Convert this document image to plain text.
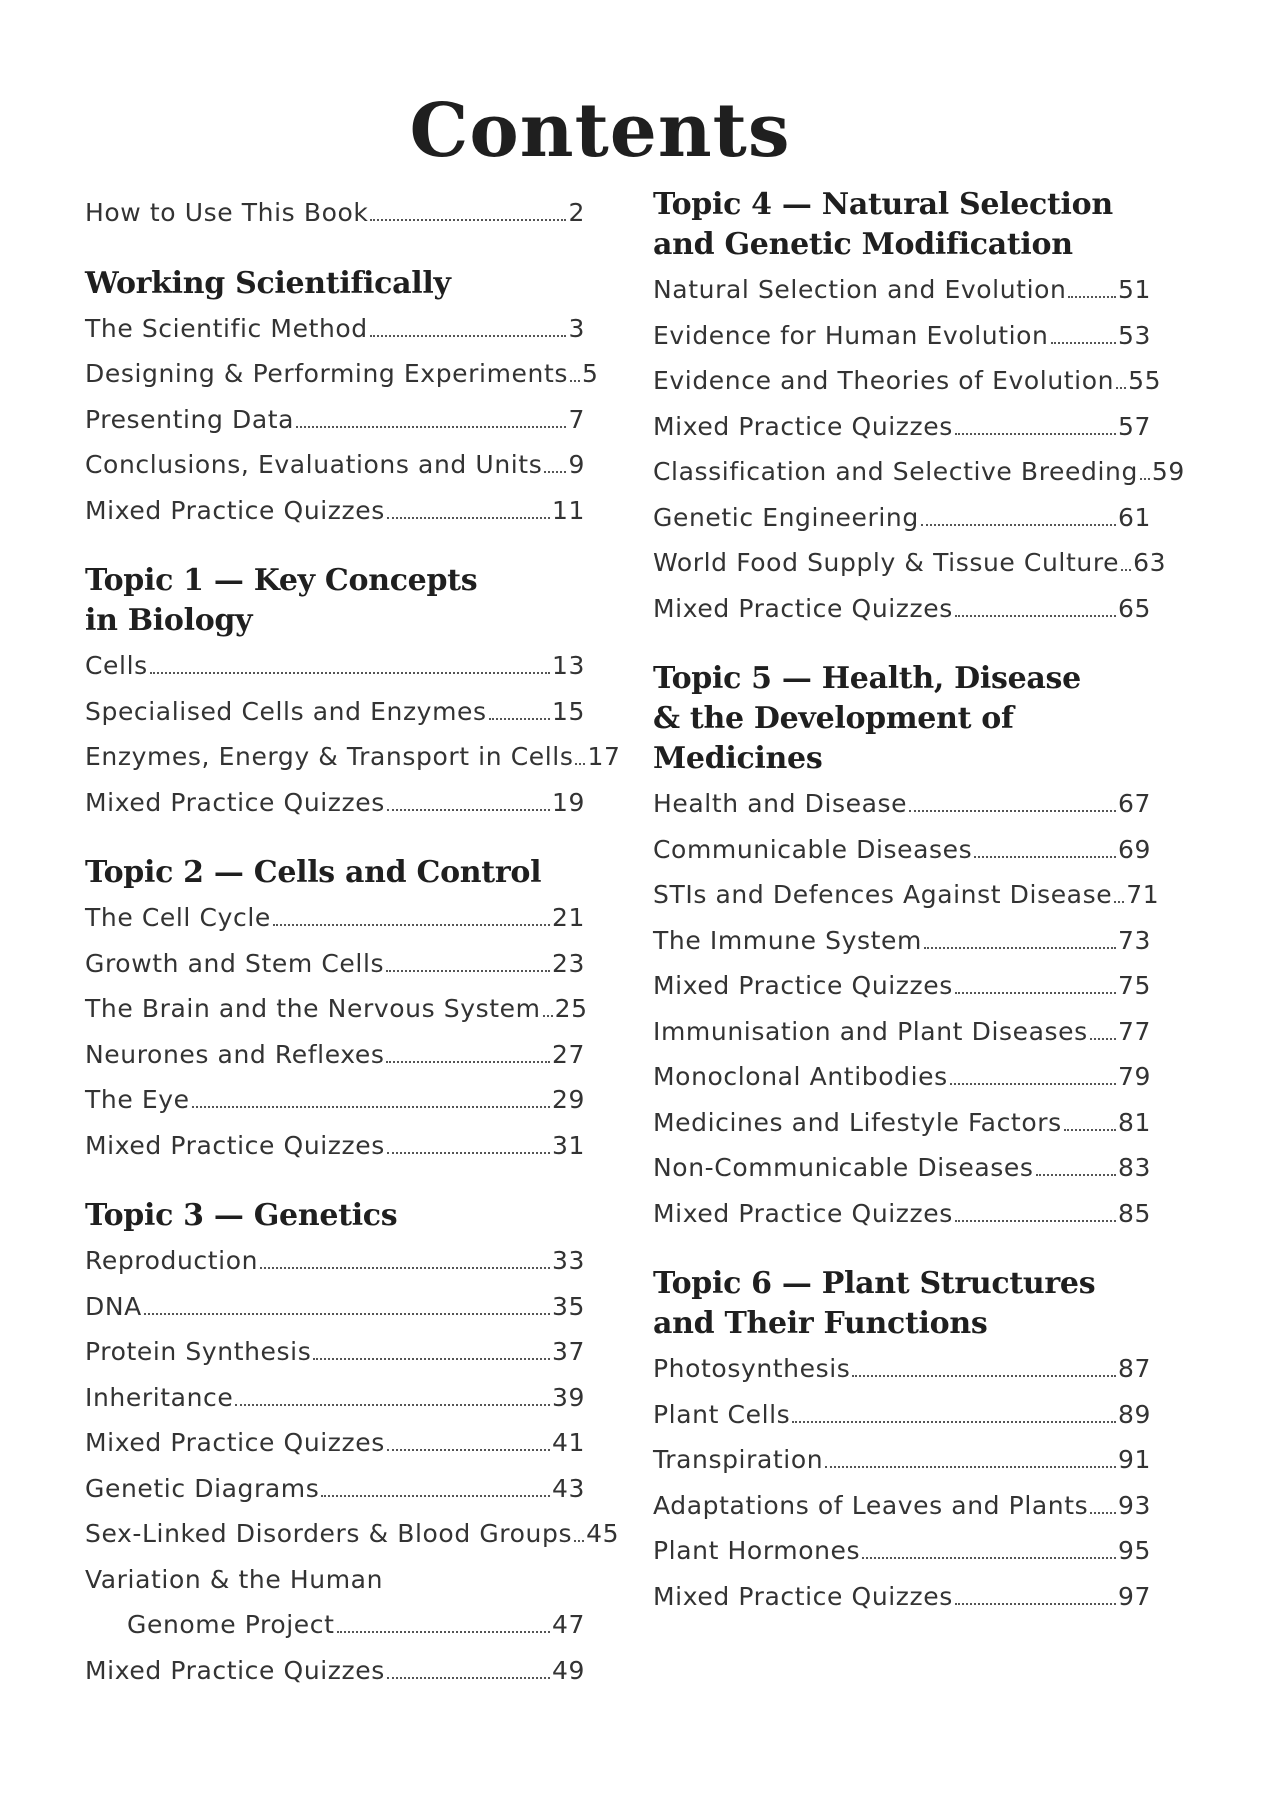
Contents
How to Use This Book	2
Working Scientifically
The Scientific Method	3
Designing & Performing Experiments 5
Presenting Data	7
Conclusions, Evaluations and Units 9
Mixed Practice Quizzes	11
Topic 1 — Key Concepts
in Biology
Cells	13
Specialised Cells and Enzymes	15
Enzymes, Energy & Transport in Cells 17
Mixed Practice Quizzes	19
Topic 2 — Cells and Control
The Cell Cycle	21
Growth and Stem Cells	23
The Brain and the Nervous System 25
Neurones and Reflexes	27
The Eye	29
Mixed Practice Quizzes	31
Topic 3 — Genetics
Reproduction	33
DNA	35
Protein Synthesis	37
Inheritance	39
Mixed Practice Quizzes	41
Genetic Diagrams	43
Sex-Linked Disorders & Blood Groups 45
Variation & the Human
Genome Project	47
Mixed Practice Quizzes	49
Topic 4 — Natural Selection
and Genetic Modification
Natural Selection and Evolution 51
Evidence for Human Evolution	53
Evidence and Theories of Evolution 55
Mixed Practice Quizzes	57
Classification and Selective Breeding 59
Genetic Engineering	61
World Food Supply & Tissue Culture 63
Mixed Practice Quizzes	65
Topic 5 — Health, Disease
& the Development of
Medicines
Health and Disease	67
Communicable Diseases	69
STIs and Defences Against Disease 71
The Immune System	73
Mixed Practice Quizzes	75
Immunisation and Plant Diseases 77
Monoclonal Antibodies	79
Medicines and Lifestyle Factors 81
Non-Communicable Diseases	83
Mixed Practice Quizzes	85
Topic 6 — Plant Structures
and Their Functions
Photosynthesis	87
Plant Cells	89
Transpiration	91
Adaptations of Leaves and Plants 93
Plant Hormones	95
Mixed Practice Quizzes	97
